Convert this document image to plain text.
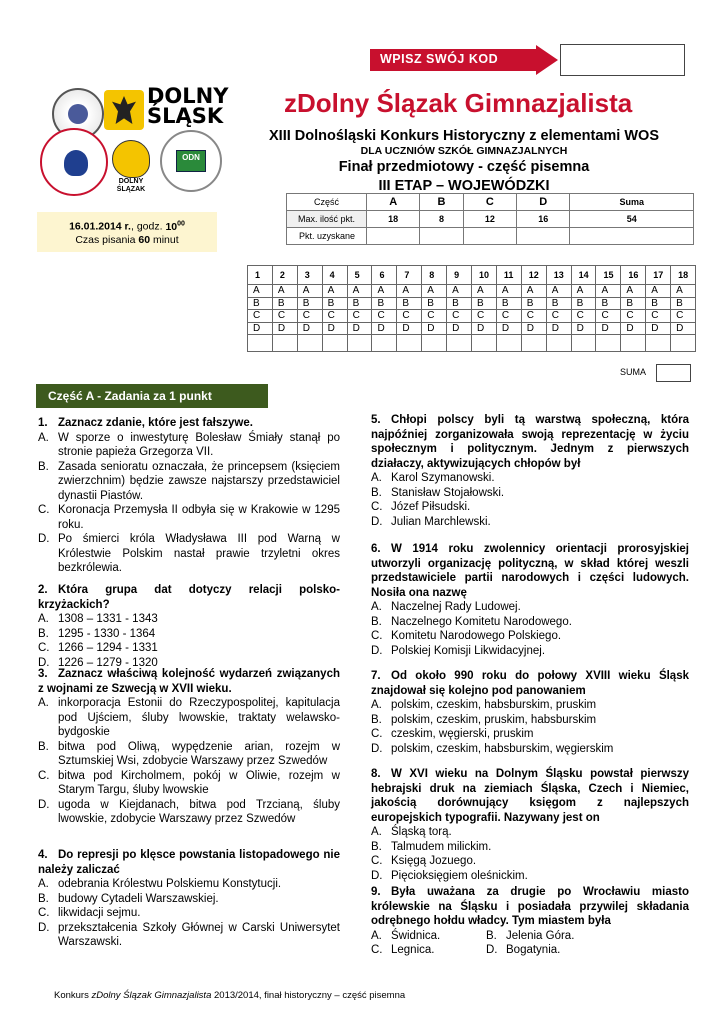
WPISZ SWÓJ KOD
DOLNY
ŚLĄSK
DOLNY
ŚLĄZAK
ODN
zDolny Ślązak Gimnazjalista
XIII Dolnośląski Konkurs Historyczny z elementami WOS
DLA UCZNIÓW SZKÓŁ GIMNAZJALNYCH
Finał przedmiotowy - część pisemna
III ETAP – WOJEWÓDZKI
16.01.2014 r., godz. $10^{00}$
Czas pisania 60 minut
Część	A	B	C	D	Suma
Max. ilość pkt.	18	8	12	16	54
Pkt. uzyskane					
1	2	3	4	5	6	7	8	9	10	11	12	13	14	15	16	17	18
A	A	A	A	A	A	A	A	A	A	A	A	A	A	A	A	A	A
B	B	B	B	B	B	B	B	B	B	B	B	B	B	B	B	B	B
C	C	C	C	C	C	C	C	C	C	C	C	C	C	C	C	C	C
D	D	D	D	D	D	D	D	D	D	D	D	D	D	D	D	D	D

SUMA
Część A - Zadania za 1 punkt
1. Zaznacz zdanie, które jest fałszywe.
A. W sporze o inwestyturę Bolesław Śmiały stanął po stronie papieża Grzegorza VII.
B. Zasada senioratu oznaczała, że princepsem (księciem zwierzchnim) będzie zawsze najstarszy przedstawiciel dynastii Piastów.
C. Koronacja Przemysła II odbyła się w Krakowie w 1295 roku.
D. Po śmierci króla Władysława III pod Warną w Królestwie Polskim nastał prawie trzyletni okres bezkrólewia.
2. Która grupa dat dotyczy relacji polsko-krzyżackich?
A. 1308 – 1331 - 1343
B. 1295 - 1330 - 1364
C. 1266 – 1294 - 1331
D. 1226 – 1279 - 1320
3. Zaznacz właściwą kolejność wydarzeń związanych z wojnami ze Szwecją w XVII wieku.
A. inkorporacja Estonii do Rzeczypospolitej, kapitulacja pod Ujściem, śluby lwowskie, traktaty welawsko-bydgoskie
B. bitwa pod Oliwą, wypędzenie arian, rozejm w Sztumskiej Wsi, zdobycie Warszawy przez Szwedów
C. bitwa pod Kircholmem, pokój w Oliwie, rozejm w Starym Targu, śluby lwowskie
D. ugoda w Kiejdanach, bitwa pod Trzcianą, śluby lwowskie, zdobycie Warszawy przez Szwedów
4. Do represji po klęsce powstania listopadowego nie należy zaliczać
A. odebrania Królestwu Polskiemu Konstytucji.
B. budowy Cytadeli Warszawskiej.
C. likwidacji sejmu.
D. przekształcenia Szkoły Głównej w Carski Uniwersytet Warszawski.
5. Chłopi polscy byli tą warstwą społeczną, która najpóźniej zorganizowała swoją reprezentację w życiu społecznym i politycznym. Jednym z pierwszych działaczy, aktywizujących chłopów był
A. Karol Szymanowski.
B. Stanisław Stojałowski.
C. Józef Piłsudski.
D. Julian Marchlewski.
6. W 1914 roku zwolennicy orientacji prorosyjskiej utworzyli organizację polityczną, w skład której weszli przedstawiciele partii narodowych i części ludowych. Nosiła ona nazwę
A. Naczelnej Rady Ludowej.
B. Naczelnego Komitetu Narodowego.
C. Komitetu Narodowego Polskiego.
D. Polskiej Komisji Likwidacyjnej.
7. Od około 990 roku do połowy XVIII wieku Śląsk znajdował się kolejno pod panowaniem
A. polskim, czeskim, habsburskim, pruskim
B. polskim, czeskim, pruskim, habsburskim
C. czeskim, węgierski, pruskim
D. polskim, czeskim, habsburskim, węgierskim
8. W XVI wieku na Dolnym Śląsku powstał pierwszy hebrajski druk na ziemiach Śląska, Czech i Niemiec, jakością dorównujący księgom z najlepszych europejskich typografii. Nazywany jest on
A. Śląską torą.
B. Talmudem milickim.
C. Księgą Jozuego.
D. Pięcioksięgiem oleśnickim.
9. Była uważana za drugie po Wrocławiu miasto królewskie na Śląsku i posiadała przywilej składania odrębnego hołdu władcy. Tym miastem była
A. Świdnica.	B. Jelenia Góra.
C. Legnica.	D. Bogatynia.
Konkurs zDolny Ślązak Gimnazjalista 2013/2014, finał historyczny – część pisemna
